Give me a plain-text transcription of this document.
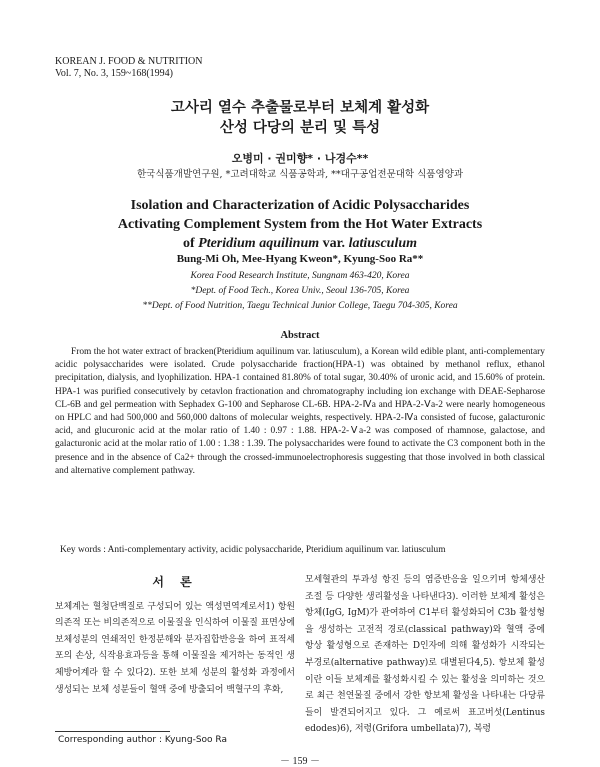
KOREAN J. FOOD & NUTRITION
Vol. 7, No. 3, 159~168(1994)
고사리 열수 추출물로부터 보체계 활성화
산성 다당의 분리 및 특성
오병미 · 권미향* · 나경수**
한국식품개발연구원, *고려대학교 식품공학과, **대구공업전문대학 식품영양과
Isolation and Characterization of Acidic Polysaccharides
Activating Complement System from the Hot Water Extracts
of Pteridium aquilinum var. latiusculum
Bung-Mi Oh, Mee-Hyang Kweon*, Kyung-Soo Ra**
Korea Food Research Institute, Sungnam 463-420, Korea
*Dept. of Food Tech., Korea Univ., Seoul 136-705, Korea
**Dept. of Food Nutrition, Taegu Technical Junior College, Taegu 704-305, Korea
Abstract

From the hot water extract of bracken(Pteridium aquilinum var. latiusculum), a Korean wild edible plant, anti-complementary acidic polysaccharides were isolated. Crude polysaccharide fraction(HPA-1) was obtained by methanol reflux, ethanol precipitation, dialysis, and lyophilization. HPA-1 contained 81.80% of total sugar, 30.40% of uronic acid, and 15.60% of protein. HPA-1 was purified consecutively by cetavlon fractionation and chromatography including ion exchange with DEAE-Sepharose CL-6B and gel permeation with Sephadex G-100 and Sepharose CL-6B. HPA-2-Ⅳa and HPA-2-Ⅴa-2 were nearly homogeneous on HPLC and had 500,000 and 560,000 daltons of molecular weights, respectively. HPA-2-Ⅳa consisted of fucose, galacturonic acid, and glucuronic acid at the molar ratio of 1.40 : 0.97 : 1.88. HPA-2-Ⅴa-2 was composed of rhamnose, galactose, and galacturonic acid at the molar ratio of 1.00 : 1.38 : 1.39. The polysaccharides were found to activate the C3 component both in the presence and in the absence of Ca2+ through the crossed-immunoelectrophoresis suggesting that those involved in both classical and alternative complement pathway.

Key words : Anti-complementary activity, acidic polysaccharide, Pteridium aquilinum var. latiusculum
서 론
보체계는 혈청단백질로 구성되어 있는 액성면역계로서1) 항원 의존적 또는 비의존적으로 이물질을 인식하여 이물질 표면상에 보체성분의 연쇄적인 한정분해와 분자집합반응을 하여 표적세포의 손상, 식작용효과등을 통해 이물질을 제거하는 동적인 생체방어계라 할 수 있다2). 또한 보체 성분의 활성화 과정에서 생성되는 보체 성분들이 혈액 중에 방출되어 백혈구의 후화,
모세혈관의 투과성 항진 등의 염증반응을 일으키며 항체생산 조절 등 다양한 생리활성을 나타낸다3). 이러한 보체계 활성은 항체(IgG, IgM)가 관여하여 C1부터 활성화되어 C3b 활성형을 생성하는 고전적 경로(classical pathway)와 혈액 중에 항상 활성형으로 존재하는 D인자에 의해 활성화가 시작되는 부경로(alternative pathway)로 대별된다4,5). 항보체 활성이란 이들 보체계를 활성화시킬 수 있는 활성을 의미하는 것으로 최근 천연물질 중에서 강한 항보체 활성을 나타내는 다당류들이 발견되어지고 있다. 그 예로써 표고버섯(Lentinus edodes)6), 저령(Grifora umbellata)7), 복령
Corresponding author : Kyung-Soo Ra
－ 159 －
